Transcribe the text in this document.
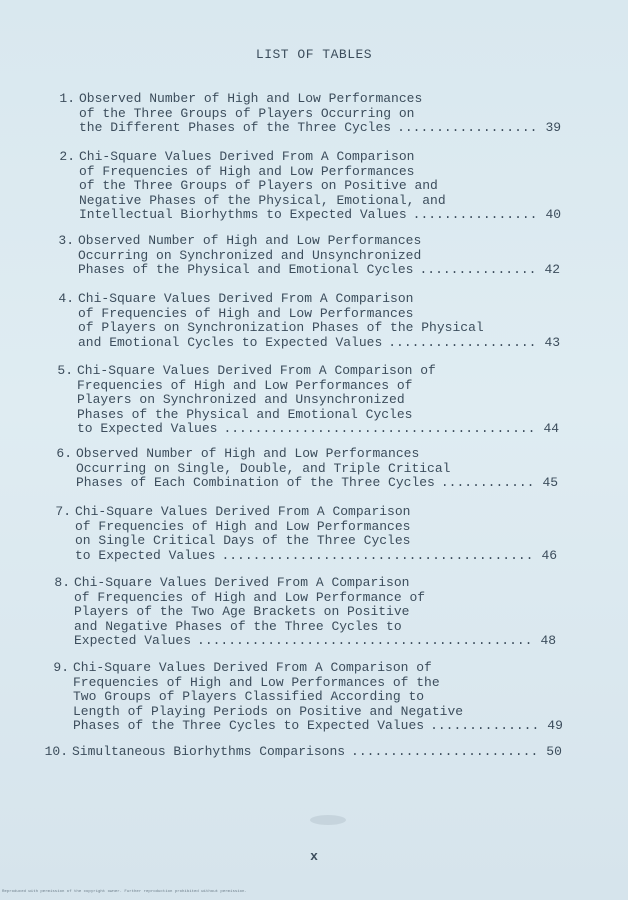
LIST OF TABLES
1. Observed Number of High and Low Performances
of the Three Groups of Players Occurring on
the Different Phases of the Three Cycles .................. 39
2. Chi-Square Values Derived From A Comparison
of Frequencies of High and Low Performances
of the Three Groups of Players on Positive and
Negative Phases of the Physical, Emotional, and
Intellectual Biorhythms to Expected Values ................ 40
3. Observed Number of High and Low Performances
Occurring on Synchronized and Unsynchronized
Phases of the Physical and Emotional Cycles ............... 42
4. Chi-Square Values Derived From A Comparison
of Frequencies of High and Low Performances
of Players on Synchronization Phases of the Physical
and Emotional Cycles to Expected Values ................... 43
5. Chi-Square Values Derived From A Comparison of
Frequencies of High and Low Performances of
Players on Synchronized and Unsynchronized
Phases of the Physical and Emotional Cycles
to Expected Values ........................................ 44
6. Observed Number of High and Low Performances
Occurring on Single, Double, and Triple Critical
Phases of Each Combination of the Three Cycles ............ 45
7. Chi-Square Values Derived From A Comparison
of Frequencies of High and Low Performances
on Single Critical Days of the Three Cycles
to Expected Values ........................................ 46
8. Chi-Square Values Derived From A Comparison
of Frequencies of High and Low Performance of
Players of the Two Age Brackets on Positive
and Negative Phases of the Three Cycles to
Expected Values ........................................... 48
9. Chi-Square Values Derived From A Comparison of
Frequencies of High and Low Performances of the
Two Groups of Players Classified According to
Length of Playing Periods on Positive and Negative
Phases of the Three Cycles to Expected Values .............. 49
10. Simultaneous Biorhythms Comparisons ........................ 50
x
Reproduced with permission of the copyright owner. Further reproduction prohibited without permission.
